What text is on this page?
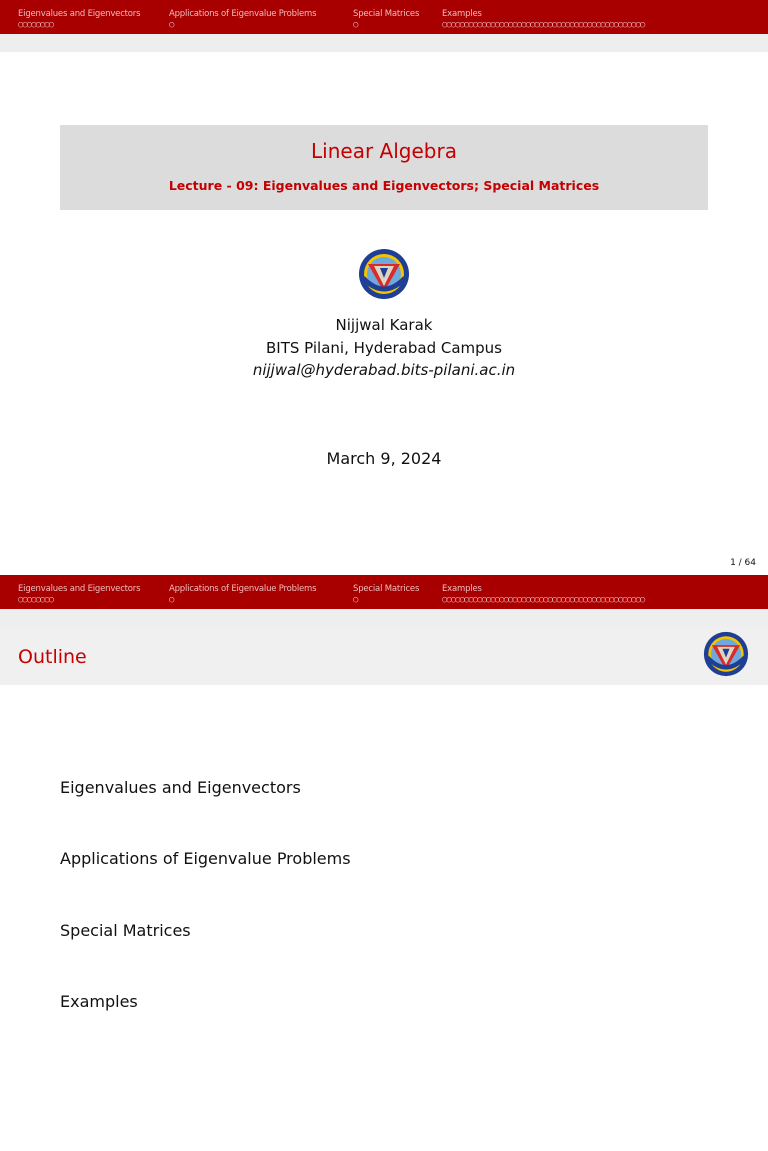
Eigenvalues and Eigenvectors
○○○○○○○○
Applications of Eigenvalue Problems
○
Special Matrices
○
Examples
○○○○○○○○○○○○○○○○○○○○○○○○○○○○○○○○○○○○○○○○○○○○○○
Linear Algebra
Lecture - 09: Eigenvalues and Eigenvectors; Special Matrices
Nijjwal Karak
BITS Pilani, Hyderabad Campus
nijjwal@hyderabad.bits-pilani.ac.in
March 9, 2024
1 / 64
Eigenvalues and Eigenvectors
○○○○○○○○
Applications of Eigenvalue Problems
○
Special Matrices
○
Examples
○○○○○○○○○○○○○○○○○○○○○○○○○○○○○○○○○○○○○○○○○○○○○○
Outline
Eigenvalues and Eigenvectors
Applications of Eigenvalue Problems
Special Matrices
Examples
